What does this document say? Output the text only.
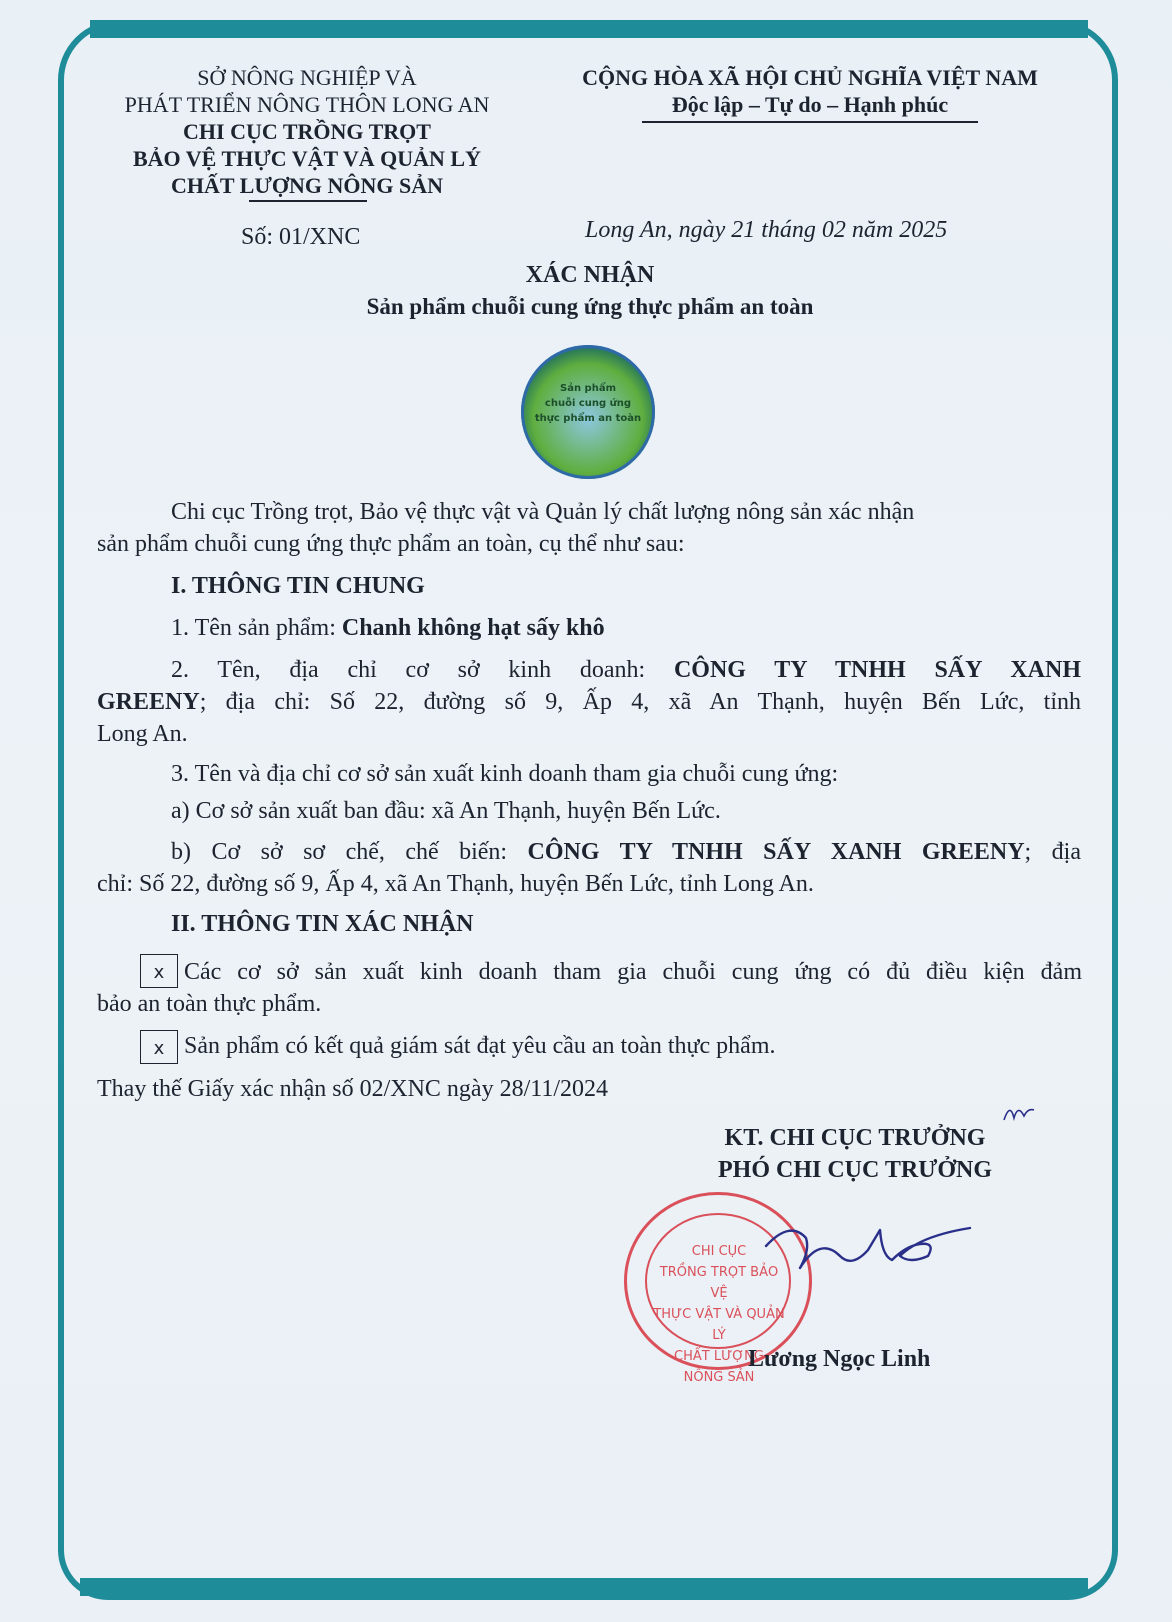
SỞ NÔNG NGHIỆP VÀ
PHÁT TRIỂN NÔNG THÔN LONG AN
CHI CỤC TRỒNG TRỌT
BẢO VỆ THỰC VẬT VÀ QUẢN LÝ
CHẤT LƯỢNG NÔNG SẢN
CỘNG HÒA XÃ HỘI CHỦ NGHĨA VIỆT NAM
Độc lập – Tự do – Hạnh phúc
Số: 01/XNC	Long An, ngày 21 tháng 02 năm 2025
XÁC NHẬN
Sản phẩm chuỗi cung ứng thực phẩm an toàn
Sản phẩm
chuỗi cung ứng
thực phẩm an toàn
Chi cục Trồng trọt, Bảo vệ thực vật và Quản lý chất lượng nông sản xác nhận
sản phẩm chuỗi cung ứng thực phẩm an toàn, cụ thể như sau:
I. THÔNG TIN CHUNG
1. Tên sản phẩm: Chanh không hạt sấy khô
2. Tên, địa chỉ cơ sở kinh doanh: CÔNG TY TNHH SẤY XANH
GREENY; địa chỉ: Số 22, đường số 9, Ấp 4, xã An Thạnh, huyện Bến Lức, tỉnh
Long An.
3. Tên và địa chỉ cơ sở sản xuất kinh doanh tham gia chuỗi cung ứng:
a) Cơ sở sản xuất ban đầu: xã An Thạnh, huyện Bến Lức.
b) Cơ sở sơ chế, chế biến: CÔNG TY TNHH SẤY XANH GREENY; địa
chỉ: Số 22, đường số 9, Ấp 4, xã An Thạnh, huyện Bến Lức, tỉnh Long An.
II. THÔNG TIN XÁC NHẬN
x Các cơ sở sản xuất kinh doanh tham gia chuỗi cung ứng có đủ điều kiện đảm
bảo an toàn thực phẩm.
x Sản phẩm có kết quả giám sát đạt yêu cầu an toàn thực phẩm.
Thay thế Giấy xác nhận số 02/XNC ngày 28/11/2024
KT. CHI CỤC TRƯỞNG
PHÓ CHI CỤC TRƯỞNG
CHI CỤC
TRỒNG TRỌT BẢO VỆ
THỰC VẬT VÀ QUẢN LÝ
CHẤT LƯỢNG
NÔNG SẢN
Lương Ngọc Linh
